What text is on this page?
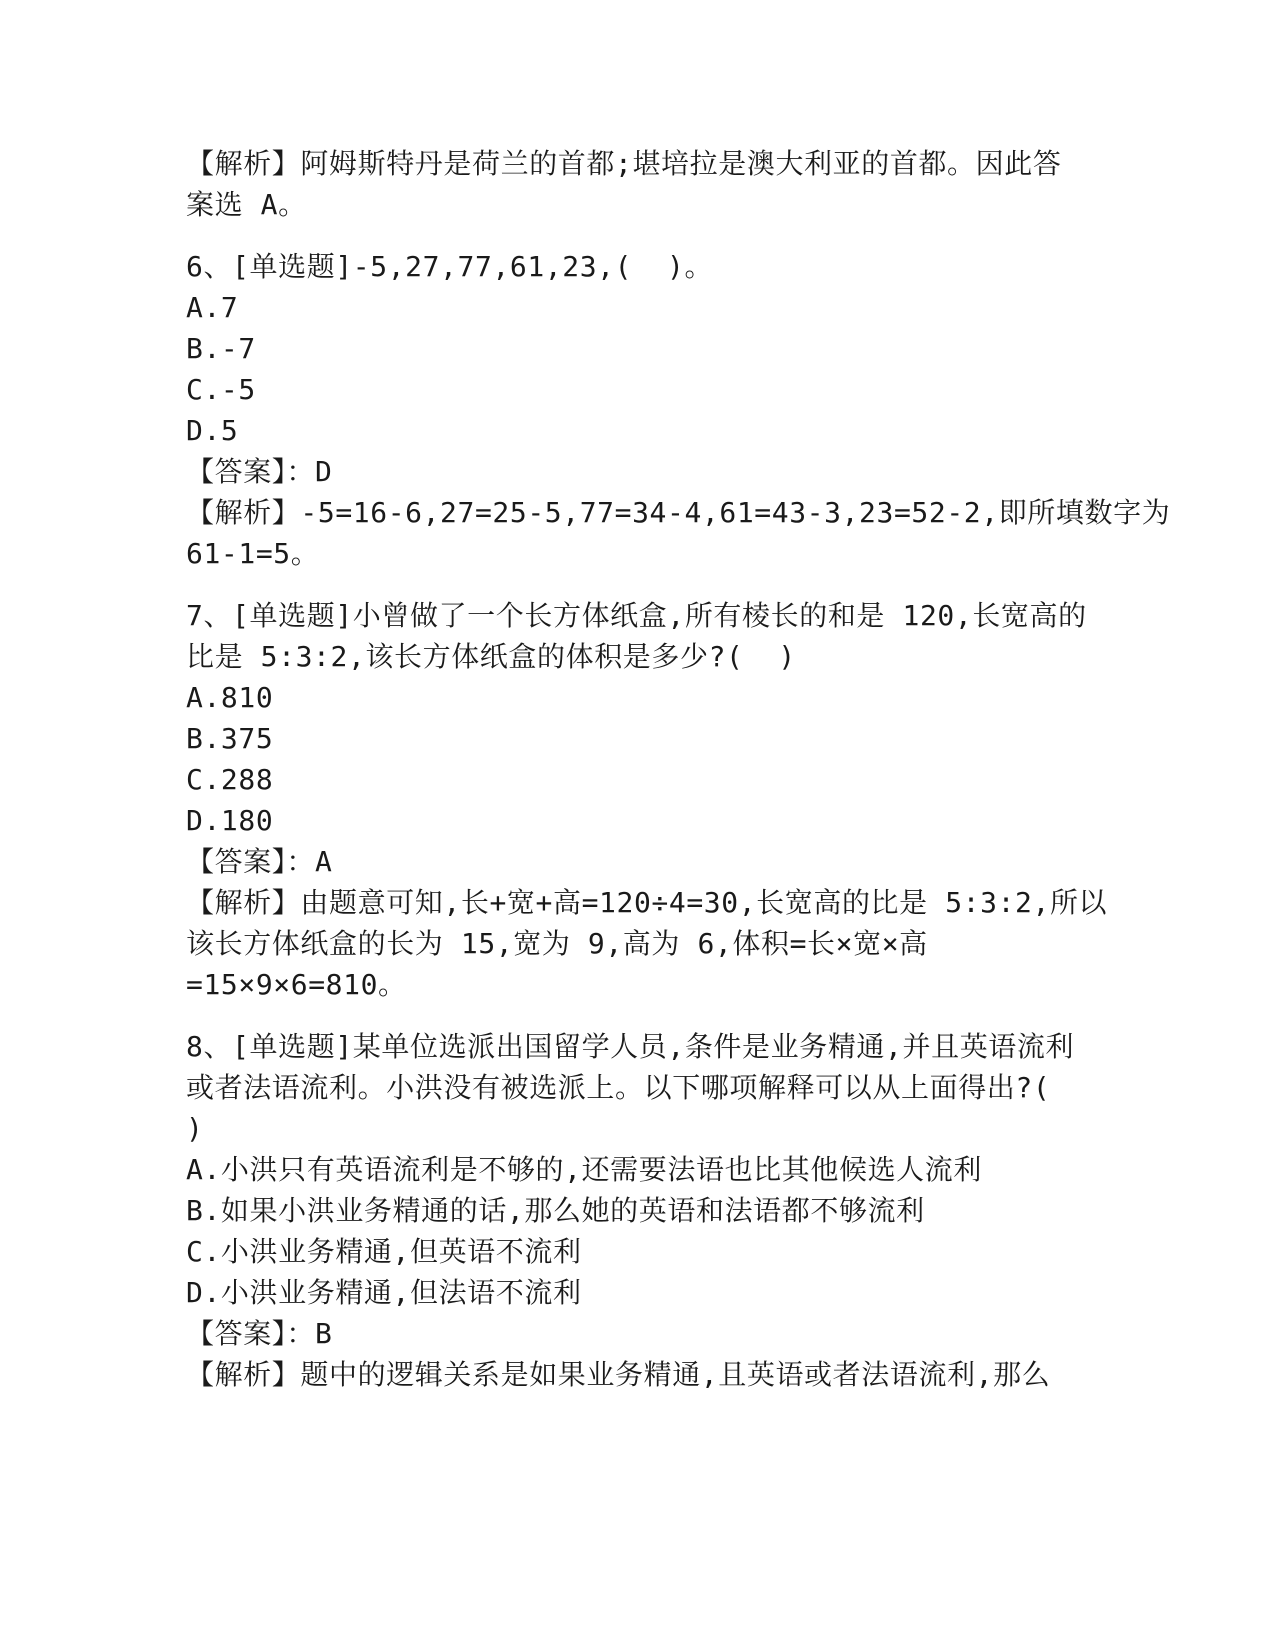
【解析】阿姆斯特丹是荷兰的首都;堪培拉是澳大利亚的首都。因此答
案选 A。
6、[单选题]-5,27,77,61,23,(  )。
A.7
B.-7
C.-5
D.5
【答案】：D
【解析】-5=16-6,27=25-5,77=34-4,61=43-3,23=52-2,即所填数字为
61-1=5。
7、[单选题]小曾做了一个长方体纸盒,所有棱长的和是 120,长宽高的
比是 5:3:2,该长方体纸盒的体积是多少?(  )
A.810
B.375
C.288
D.180
【答案】：A
【解析】由题意可知,长+宽+高=120÷4=30,长宽高的比是 5:3:2,所以
该长方体纸盒的长为 15,宽为 9,高为 6,体积=长×宽×高
=15×9×6=810。
8、[单选题]某单位选派出国留学人员,条件是业务精通,并且英语流利
或者法语流利。小洪没有被选派上。以下哪项解释可以从上面得出?(
)
A.小洪只有英语流利是不够的,还需要法语也比其他候选人流利
B.如果小洪业务精通的话,那么她的英语和法语都不够流利
C.小洪业务精通,但英语不流利
D.小洪业务精通,但法语不流利
【答案】：B
【解析】题中的逻辑关系是如果业务精通,且英语或者法语流利,那么
